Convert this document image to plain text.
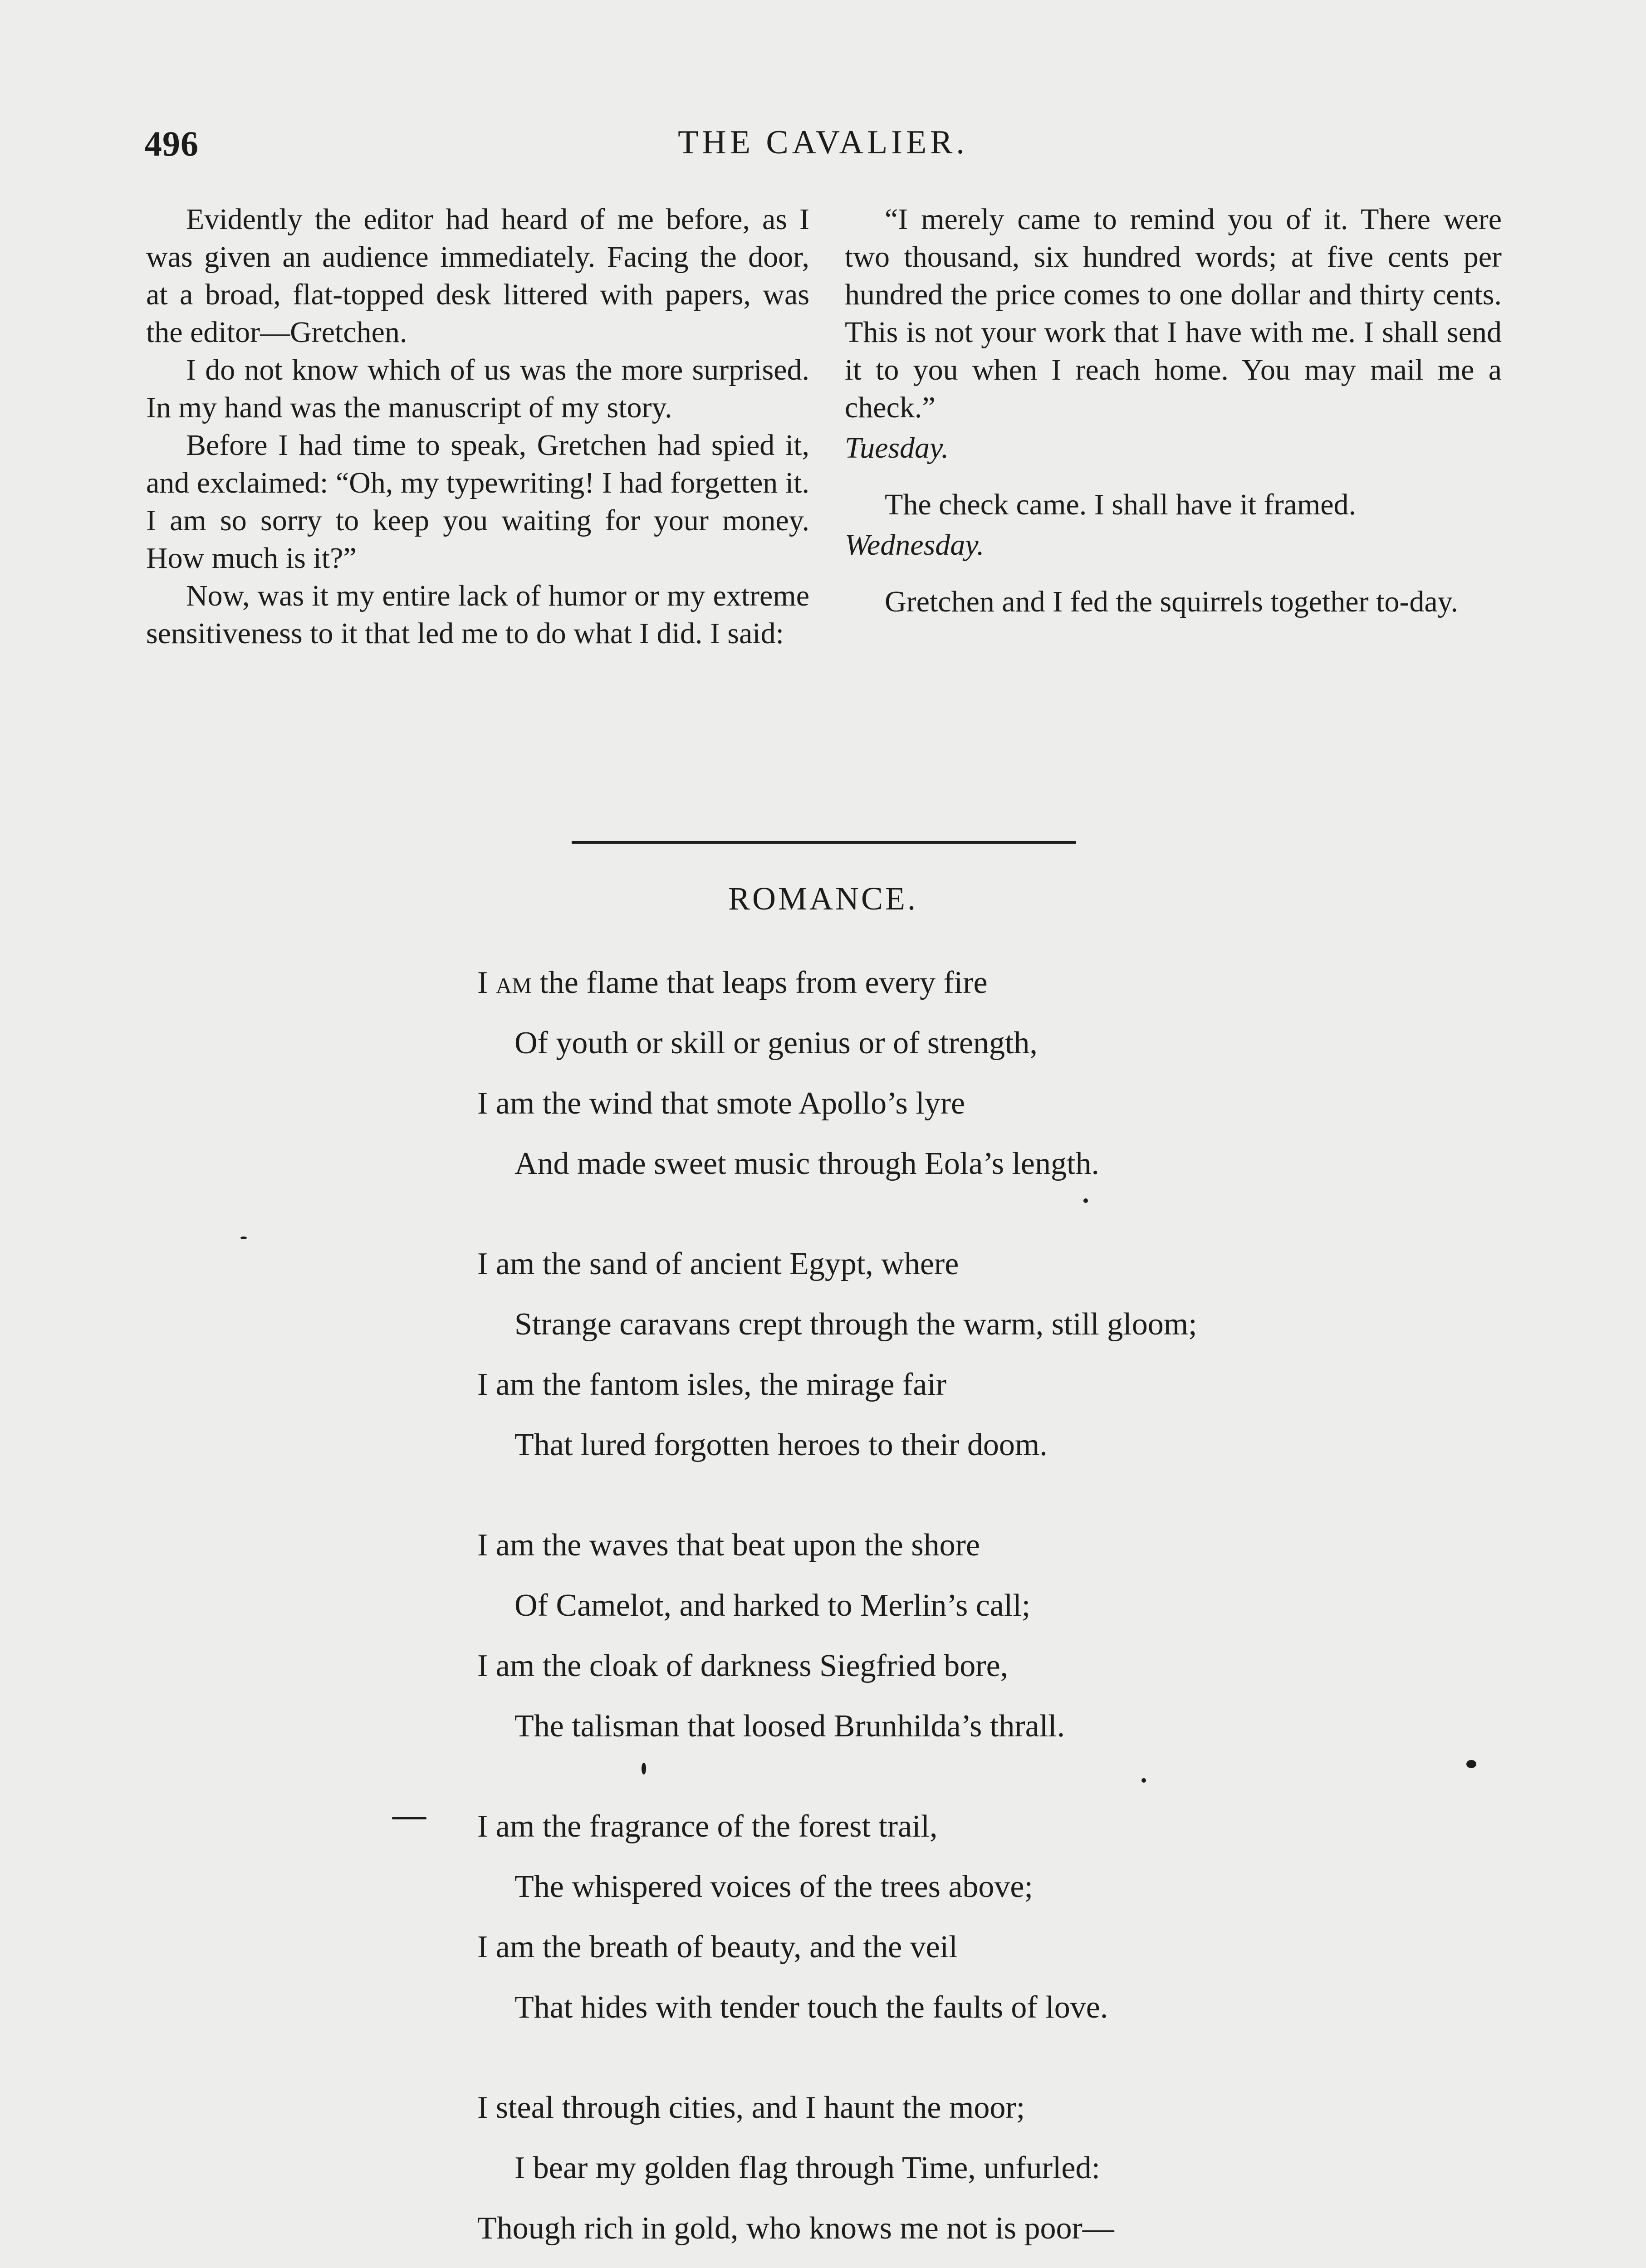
496	THE CAVALIER.

Evidently the editor had heard of me before, as I was given an audience immediately. Facing the door, at a broad, flat-topped desk littered with papers, was the editor—Gretchen.

I do not know which of us was the more surprised. In my hand was the manuscript of my story.

Before I had time to speak, Gretchen had spied it, and exclaimed: “Oh, my typewriting! I had forgetten it. I am so sorry to keep you waiting for your money. How much is it?”

Now, was it my entire lack of humor or my extreme sensitiveness to it that led me to do what I did. I said:

“I merely came to remind you of it. There were two thousand, six hundred words; at five cents per hundred the price comes to one dollar and thirty cents. This is not your work that I have with me. I shall send it to you when I reach home. You may mail me a check.”

Tuesday.

The check came. I shall have it framed.

Wednesday.

Gretchen and I fed the squirrels together to-day.

ROMANCE.
I am the flame that leaps from every fire
Of youth or skill or genius or of strength,
I am the wind that smote Apollo’s lyre
And made sweet music through Eola’s length.
I am the sand of ancient Egypt, where
Strange caravans crept through the warm, still gloom;
I am the fantom isles, the mirage fair
That lured forgotten heroes to their doom.
I am the waves that beat upon the shore
Of Camelot, and harked to Merlin’s call;
I am the cloak of darkness Siegfried bore,
The talisman that loosed Brunhilda’s thrall.
I am the fragrance of the forest trail,
The whispered voices of the trees above;
I am the breath of beauty, and the veil
That hides with tender touch the faults of love.
I steal through cities, and I haunt the moor;
I bear my golden flag through Time, unfurled:
Though rich in gold, who knows me not is poor—
